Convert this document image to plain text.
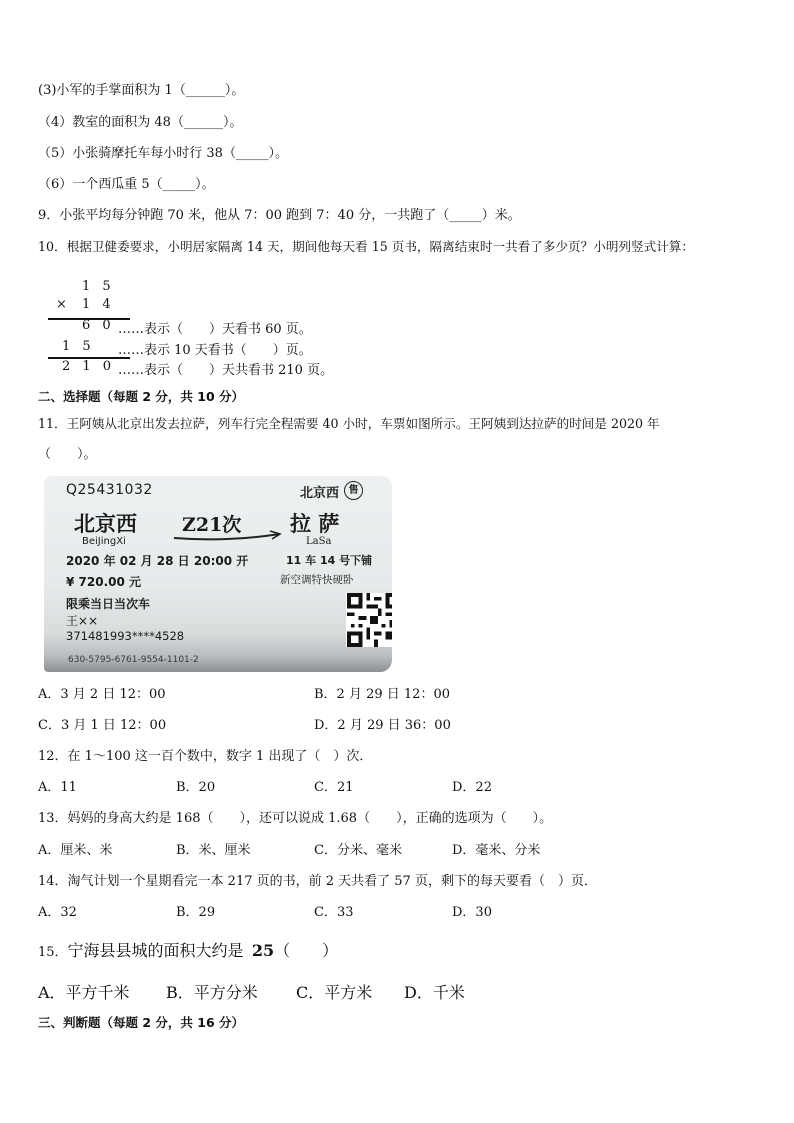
(3)小军的手掌面积为 1（______）。
（4）教室的面积为 48（______）。
（5）小张骑摩托车每小时行 38（_____）。
（6）一个西瓜重 5（_____）。
9．小张平均每分钟跑 70 米，他从 7：00 跑到 7：40 分，一共跑了（_____）米。
10．根据卫健委要求，小明居家隔离 14 天，期间他每天看 15 页书，隔离结束时一共看了多少页？小明列竖式计算：
1 5
× 1 4
6 0 ……表示（　　）天看书 60 页。
1 5 ……表示 10 天看书（　　）页。
2 1 0 ……表示（　　）天共看书 210 页。
二、选择题（每题 2 分，共 10 分）
11．王阿姨从北京出发去拉萨，列车行完全程需要 40 小时，车票如图所示。王阿姨到达拉萨的时间是 2020 年
（　　）。
Q25431032	北京西 售
北京西
BeiJingXi
Z21次 拉 萨
LaSa
2020 年 02 月 28 日 20:00 开	11 车 14 号下铺
¥ 720.00 元	新空调特快硬卧
限乘当日当次车
王××
371481993****4528
630-5795-6761-9554-1101-2
A．3 月 2 日 12：00	B．2 月 29 日 12：00
C．3 月 1 日 12：00	D．2 月 29 日 36：00
12．在 1～100 这一百个数中，数字 1 出现了（　）次．
A．11	B．20	C．21	D．22
13．妈妈的身高大约是 168（　　），还可以说成 1.68（　　），正确的选项为（　　）。
A．厘米、米	B．米、厘米	C．分米、毫米	D．毫米、分米
14．淘气计划一个星期看完一本 217 页的书，前 2 天共看了 57 页，剩下的每天要看（　）页．
A．32	B．29	C．33	D．30
15．宁海县县城的面积大约是 25（　　）
A．平方千米 B．平方分米 C．平方米 D．千米
三、判断题（每题 2 分，共 16 分）
